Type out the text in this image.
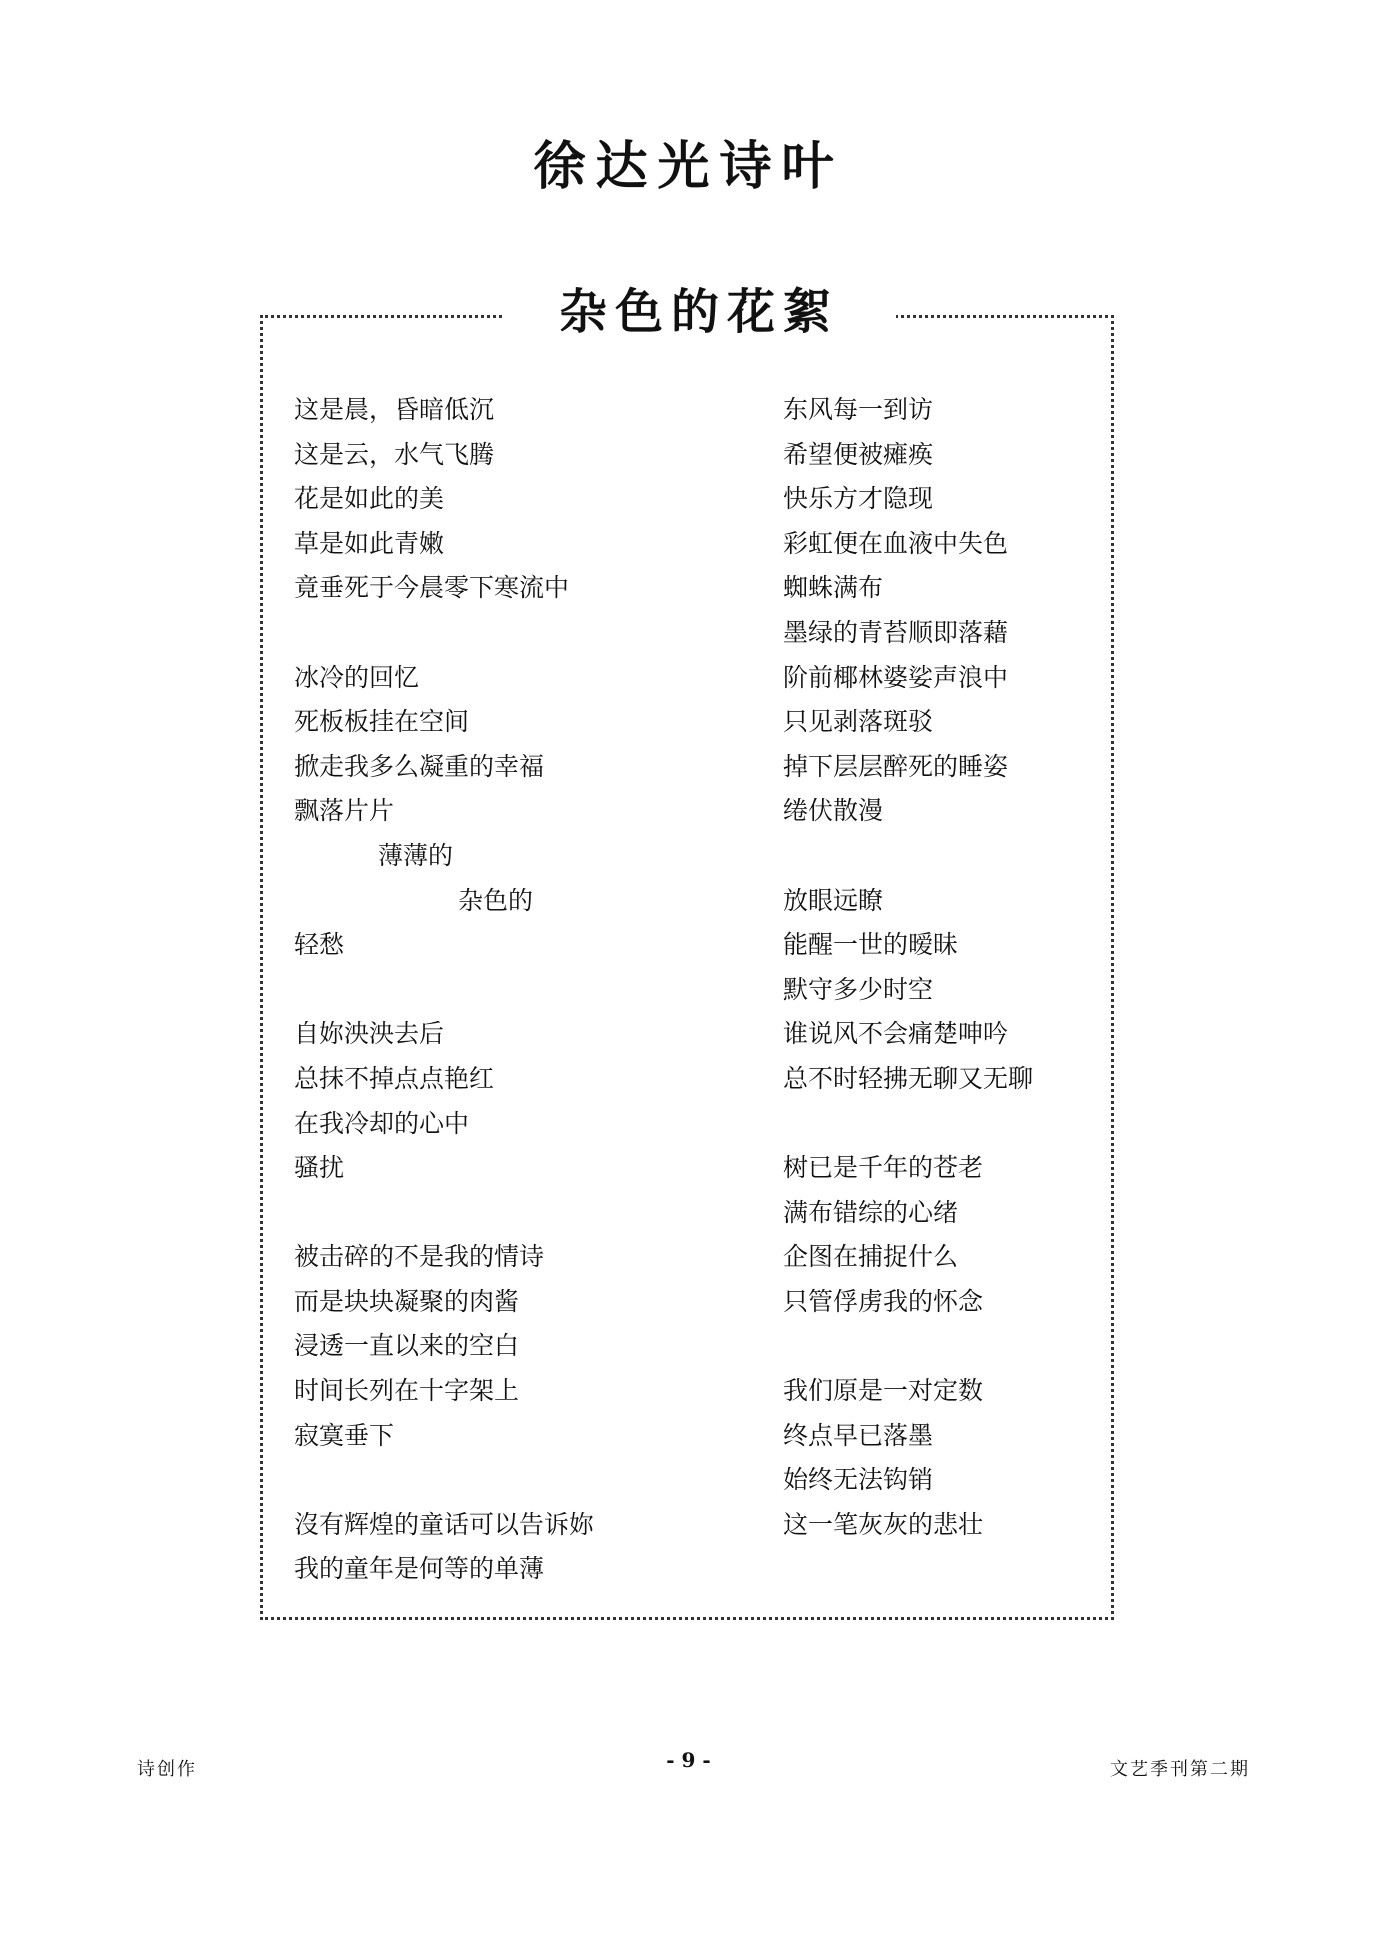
徐达光诗叶
杂色的花絮
这是晨，昏暗低沉
这是云，水气飞腾
花是如此的美
草是如此青嫩
竟垂死于今晨零下寒流中
冰冷的回忆
死板板挂在空间
掀走我多么凝重的幸福
飘落片片
薄薄的
杂色的
轻愁
自妳泱泱去后
总抹不掉点点艳红
在我冷却的心中
骚扰
被击碎的不是我的情诗
而是块块凝聚的肉酱
浸透一直以来的空白
时间长列在十字架上
寂寞垂下
沒有辉煌的童话可以告诉妳
我的童年是何等的单薄
东风每一到访
希望便被瘫痪
快乐方才隐现
彩虹便在血液中失色
蜘蛛满布
墨绿的青苔顺即落藉
阶前椰林婆娑声浪中
只见剥落斑驳
掉下层层醉死的睡姿
绻伏散漫
放眼远瞭
能醒一世的暧昧
默守多少时空
谁说风不会痛楚呻吟
总不时轻拂无聊又无聊
树已是千年的苍老
满布错综的心绪
企图在捕捉什么
只管俘虏我的怀念
我们原是一对定数
终点早已落墨
始终无法钩销
这一笔灰灰的悲壮
诗创作	- 9 -	文艺季刊第二期
